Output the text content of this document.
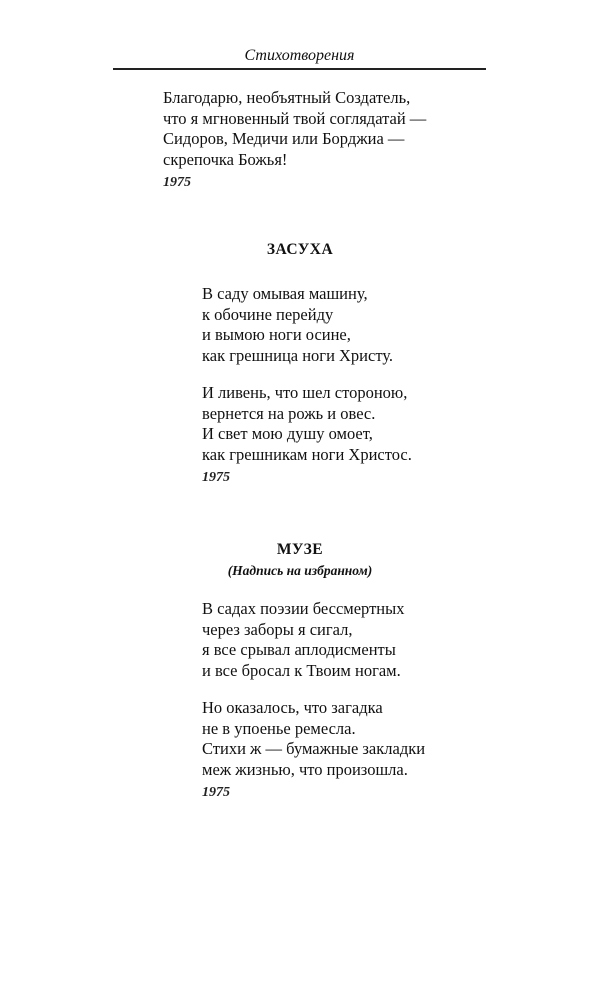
Стихотворения
Благодарю, необъятный Создатель,
что я мгновенный твой соглядатай —
Сидоров, Медичи или Борджиа —
скрепочка Божья!
1975
ЗАСУХА
В саду омывая машину,
к обочине перейду
и вымою ноги осине,
как грешница ноги Христу.
И ливень, что шел стороною,
вернется на рожь и овес.
И свет мою душу омоет,
как грешникам ноги Христос.
1975
МУЗЕ
(Надпись на избранном)
В садах поэзии бессмертных
через заборы я сигал,
я все срывал аплодисменты
и все бросал к Твоим ногам.
Но оказалось, что загадка
не в упоенье ремесла.
Стихи ж — бумажные закладки
меж жизнью, что произошла.
1975
